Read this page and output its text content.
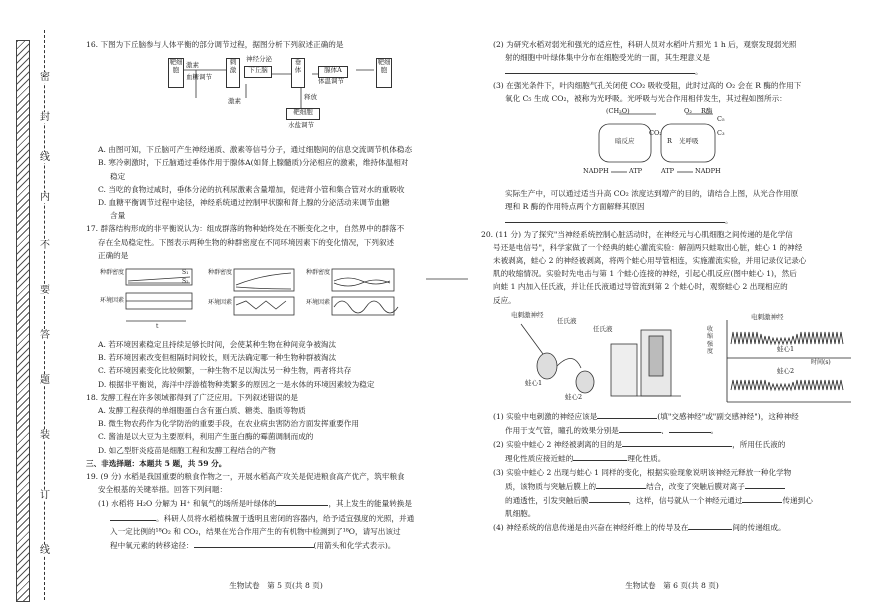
密
封
线
内
不
要
答
题
装
订
线

16. 下图为下丘脑参与人体平衡的部分调节过程，据图分析下列叙述正确的是

靶细胞
激素
血糖调节
刺激	下丘脑
神经分泌
激素
垂体	腺体A
体温调节
靶细胞
释放
靶细胞
水盐调节

A. 由图可知，下丘脑可产生神经递质、激素等信号分子，通过细胞间的信息交流调节机体稳态

B. 寒冷刺激时，下丘脑通过垂体作用于腺体A(如肾上腺髓质)分泌相应的激素，维持体温相对

稳定

C. 当吃的食物过咸时，垂体分泌的抗利尿激素含量增加，促进肾小管和集合管对水的重吸收

D. 血糖平衡调节过程中途径，神经系统通过控制甲状腺和肾上腺的分泌活动来调节血糖

含量

17. 群落结构形成的非平衡说认为：组成群落的物种始终处在不断变化之中，自然界中的群落不

存在全局稳定性。下图表示两种生物的种群密度在不同环境因素下的变化情况，下列叙述

正确的是

种群密度
环境因素
种群密度
环境因素
种群密度
环境因素
S₁
S₂
t

A. 若环境因素稳定且持续足够长时间，会使某种生物在种间竞争被淘汰

B. 若环境因素改变但相隔时间较长，则无法确定哪一种生物种群被淘汰

C. 若环境因素变化比较频繁，一种生物不足以淘汰另一种生物，两者将共存

D. 根据非平衡说，海洋中浮游植物种类繁多的原因之一是水体的环境因素较为稳定

18. 发酵工程在许多领域都得到了广泛应用。下列叙述错误的是

A. 发酵工程获得的单细胞蛋白含有蛋白质、糖类、脂质等物质

B. 微生物农药作为化学防治的重要手段，在农业病虫害防治方面发挥重要作用

C. 酱油是以大豆为主要原料，利用产生蛋白酶的霉菌调制而成的

D. 如乙型肝炎疫苗是细胞工程和发酵工程结合的产物

三、非选择题：本题共 5 题，共 59 分。

19. (9 分) 水稻是我国重要的粮食作物之一，开展水稻高产攻关是促进粮食高产优产，筑牢粮食

安全根基的关键举措。回答下列问题：

(1) 水稻将 H₂O 分解为 H⁺ 和氧气的场所是叶绿体的	，其上发生的能量转换是

。科研人员将水稻植株置于透明且密闭的容器内，给予适宜强度的光照，并通

入一定比例的¹⁸O₂ 和 CO₂，结果在光合作用产生的有机物中检测到了¹⁸O，请写出该过

程中氧元素的转移途径：	(用箭头和化学式表示)。

生物试卷　第 5 页(共 8 页)

(2) 为研究水稻对弱光和强光的适应性，科研人员对水稻叶片照光 1 h 后，观察发现弱光照

射的细胞中叶绿体集中分布在细胞受光的一面，其生理意义是

。

(3) 在强光条件下，叶肉细胞气孔关闭使 CO₂ 吸收受阻，此时过高的 O₂ 会在 R 酶的作用下

氧化 C₅ 生成 CO₂，被称为光呼吸。光呼吸与光合作用相伴发生，其过程如图所示：

(CH₂O)	O₂ R酶
C₅
C₃
CO₂
暗反应	R 光呼吸
NADPH	ATP	ATP	NADPH

实际生产中，可以通过适当升高 CO₂ 浓度达到增产的目的，请结合上图，从光合作用原

理和 R 酶的作用特点两个方面解释其原因

。

20. (11 分) 为了探究"当神经系统控制心脏活动时，在神经元与心肌细胞之间传递的是化学信

号还是电信号"，科学家做了一个经典的蛙心灌流实验：解剖两只蛙取出心脏，蛙心 1 的神经

未被剥离，蛙心 2 的神经被剥离，将两个蛙心用导管相连，实施灌流实验，并用记录仪记录心

肌的收缩情况。实验时先电击与第 1 个蛙心连接的神经，引起心肌反应(图中蛙心 1)，然后

向蛙 1 内加入任氏液，并让任氏液通过导管流到第 2 个蛙心时，观察蛙心 2 出现相应的

反应。

电刺激神经
任氏液
任氏液
蛙心1
蛙心2
电刺激神经
蛙心1
蛙心2
收缩强度
时间(s)

(1) 实验中电刺激的神经应该是	(填"交感神经"或"副交感神经")，这种神经

作用于支气管，瞳孔的效果分别是	、	。

(2) 实验中蛙心 2 神经被剥离的目的是	，所用任氏液的

理化性质应接近蛙的	理化性质。

(3) 实验中蛙心 2 出现与蛙心 1 同样的变化，根据实验现象说明该神经元释放一种化学物

质，该物质与突触后膜上的	结合，改变了突触后膜对离子

的通透性，引发突触后膜	，这样，信号就从一个神经元通过	传递到心

肌细胞。

(4) 神经系统的信息传递是由兴奋在神经纤维上的传导及在	间的传递组成。

生物试卷　第 6 页(共 8 页)
